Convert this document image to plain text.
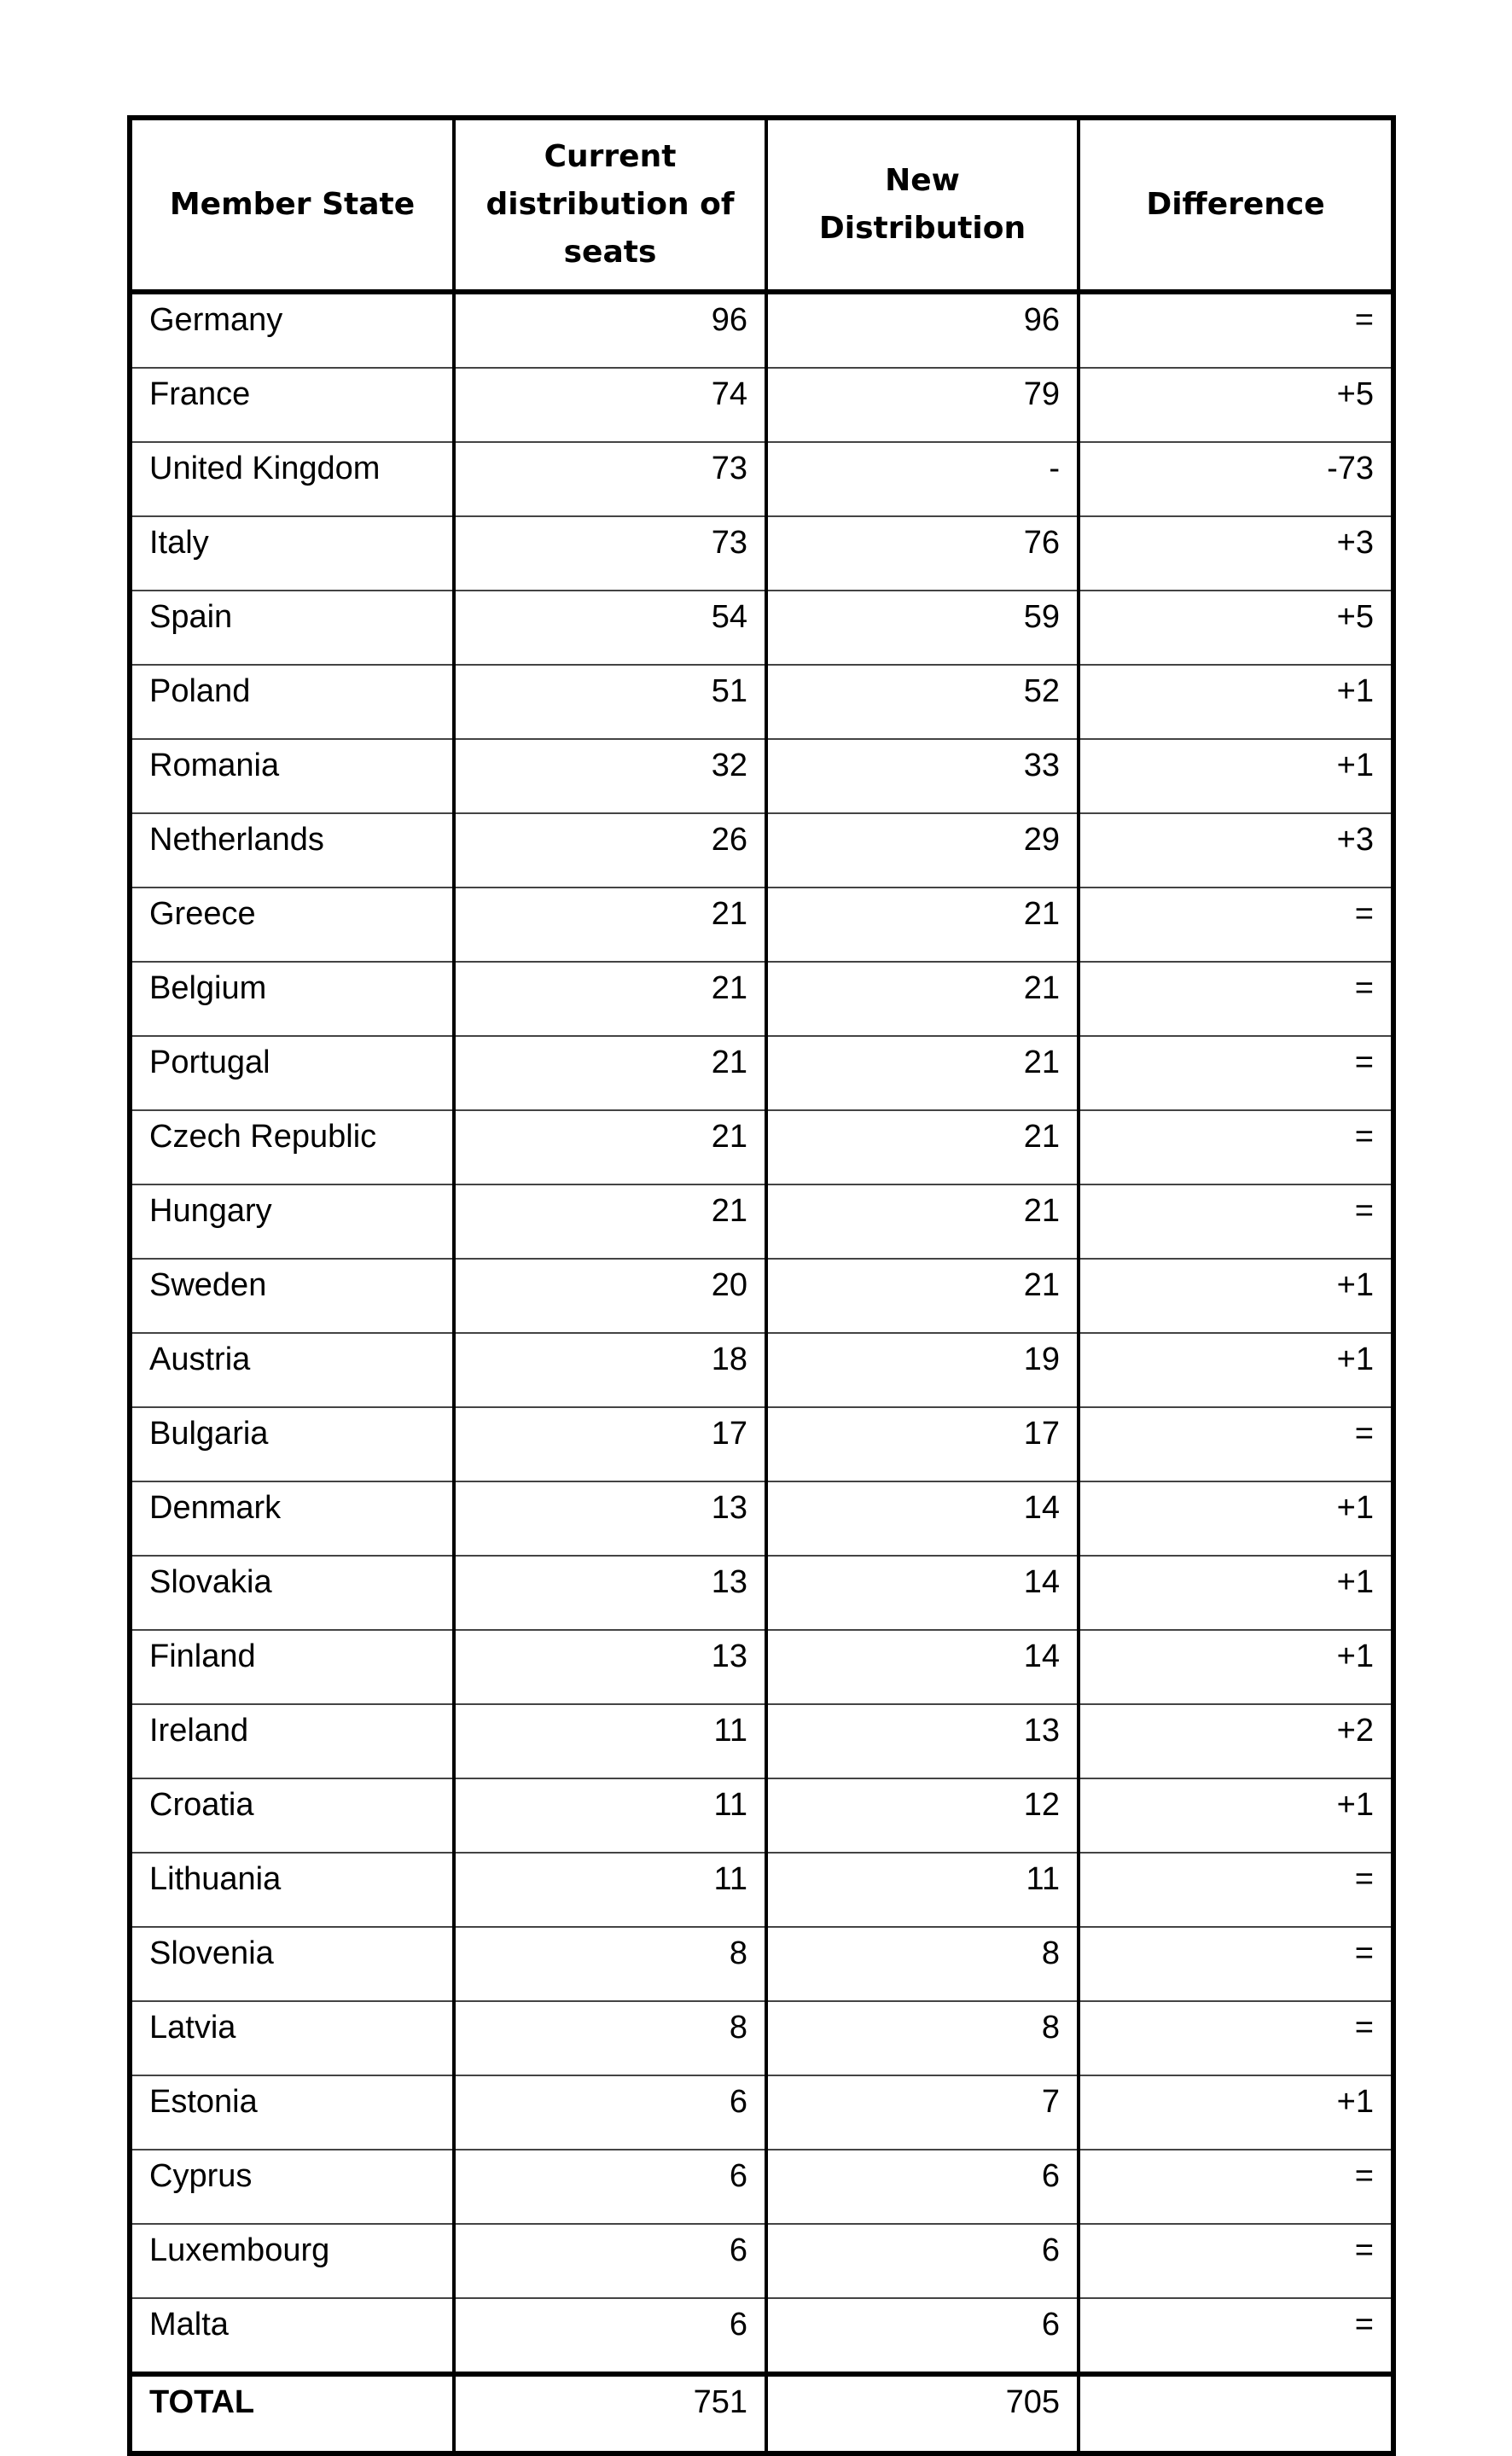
Member State	Current distribution of seats	New Distribution	Difference
Germany	96	96	=
France	74	79	+5
United Kingdom	73	-	-73
Italy	73	76	+3
Spain	54	59	+5
Poland	51	52	+1
Romania	32	33	+1
Netherlands	26	29	+3
Greece	21	21	=
Belgium	21	21	=
Portugal	21	21	=
Czech Republic	21	21	=
Hungary	21	21	=
Sweden	20	21	+1
Austria	18	19	+1
Bulgaria	17	17	=
Denmark	13	14	+1
Slovakia	13	14	+1
Finland	13	14	+1
Ireland	11	13	+2
Croatia	11	12	+1
Lithuania	11	11	=
Slovenia	8	8	=
Latvia	8	8	=
Estonia	6	7	+1
Cyprus	6	6	=
Luxembourg	6	6	=
Malta	6	6	=
TOTAL	751	705	
